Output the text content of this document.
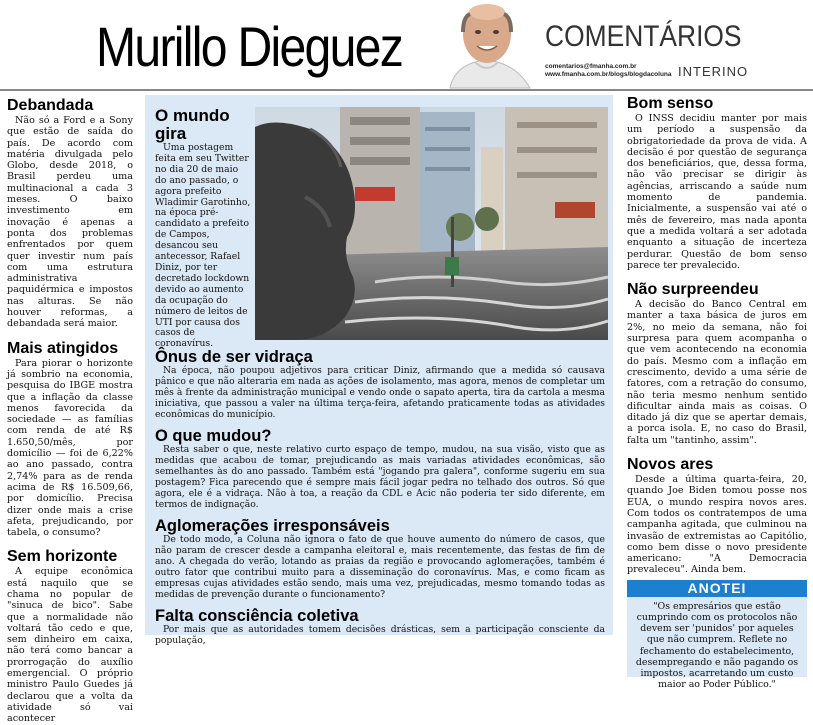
Murillo Dieguez	COMENTÁRIOS
comentarios@fmanha.com.br
www.fmanha.com.br/blogs/blogdacoluna INTERINO
Debandada

Não só a Ford e a Sony que estão de saída do país. De acordo com matéria divulgada pelo Globo, desde 2018, o Brasil perdeu uma multinacional a cada 3 meses. O baixo investimento em inovação é apenas a ponta dos problemas enfrentados por quem quer investir num país com uma estrutura administrativa paquidérmica e impostos nas alturas. Se não houver reformas, a debandada será maior.

Mais atingidos

Para piorar o horizonte já sombrio na economia, pesquisa do IBGE mostra que a inflação da classe menos favorecida da sociedade — as famílias com renda de até R$ 1.650,50/mês, por domicílio — foi de 6,22% ao ano passado, contra 2,74% para as de renda acima de R$ 16.509,66, por domicílio. Precisa dizer onde mais a crise afeta, prejudicando, por tabela, o consumo?

Sem horizonte

A equipe econômica está naquilo que se chama no popular de "sinuca de bico". Sabe que a normalidade não voltará tão cedo e que, sem dinheiro em caixa, não terá como bancar a prorrogação do auxílio emergencial. O próprio ministro Paulo Guedes já declarou que a volta da atividade só vai acontecer

O mundo gira

Uma postagem feita em seu Twitter no dia 20 de maio do ano passado, o agora prefeito Wladimir Garotinho, na época pré-candidato a prefeito de Campos, desancou seu antecessor, Rafael Diniz, por ter decretado lockdown devido ao aumento da ocupação do número de leitos de UTI por causa dos casos de coronavírus.

Ônus de ser vidraça

Na época, não poupou adjetivos para criticar Diniz, afirmando que a medida só causava pânico e que não alteraria em nada as ações de isolamento, mas agora, menos de completar um mês à frente da administração municipal e vendo onde o sapato aperta, tira da cartola a mesma iniciativa, que passou a valer na última terça-feira, afetando praticamente todas as atividades econômicas do município.

O que mudou?

Resta saber o que, neste relativo curto espaço de tempo, mudou, na sua visão, visto que as medidas que acabou de tomar, prejudicando as mais variadas atividades econômicas, são semelhantes às do ano passado. Também está "jogando pra galera", conforme sugeriu em sua postagem? Fica parecendo que é sempre mais fácil jogar pedra no telhado dos outros. Só que agora, ele é a vidraça. Não à toa, a reação da CDL e Acic não poderia ter sido diferente, em termos de indignação.

Aglomerações irresponsáveis

De todo modo, a Coluna não ignora o fato de que houve aumento do número de casos, que não param de crescer desde a campanha eleitoral e, mais recentemente, das festas de fim de ano. A chegada do verão, lotando as praias da região e provocando aglomerações, também é outro fator que contribui muito para a disseminação do coronavírus. Mas, e como ficam as empresas cujas atividades estão sendo, mais uma vez, prejudicadas, mesmo tomando todas as medidas de prevenção durante o funcionamento?

Falta consciência coletiva

Por mais que as autoridades tomem decisões drásticas, sem a participação consciente da população,

Bom senso

O INSS decidiu manter por mais um período a suspensão da obrigatoriedade da prova de vida. A decisão é por questão de segurança dos beneficiários, que, dessa forma, não vão precisar se dirigir às agências, arriscando a saúde num momento de pandemia. Inicialmente, a suspensão vai até o mês de fevereiro, mas nada aponta que a medida voltará a ser adotada enquanto a situação de incerteza perdurar. Questão de bom senso parece ter prevalecido.

Não surpreendeu

A decisão do Banco Central em manter a taxa básica de juros em 2%, no meio da semana, não foi surpresa para quem acompanha o que vem acontecendo na economia do país. Mesmo com a inflação em crescimento, devido a uma série de fatores, com a retração do consumo, não teria mesmo nenhum sentido dificultar ainda mais as coisas. O ditado já diz que se apertar demais, a porca isola. E, no caso do Brasil, falta um "tantinho, assim".

Novos ares

Desde a última quarta-feira, 20, quando Joe Biden tomou posse nos EUA, o mundo respira novos ares. Com todos os contratempos de uma campanha agitada, que culminou na invasão de extremistas ao Capitólio, como bem disse o novo presidente americano: "A Democracia prevaleceu". Ainda bem.

ANOTEI

"Os empresários que estão cumprindo com os protocolos não devem ser 'punidos' por aqueles que não cumprem. Reflete no fechamento do estabelecimento, desempregando e não pagando os impostos, acarretando um custo maior ao Poder Público."
